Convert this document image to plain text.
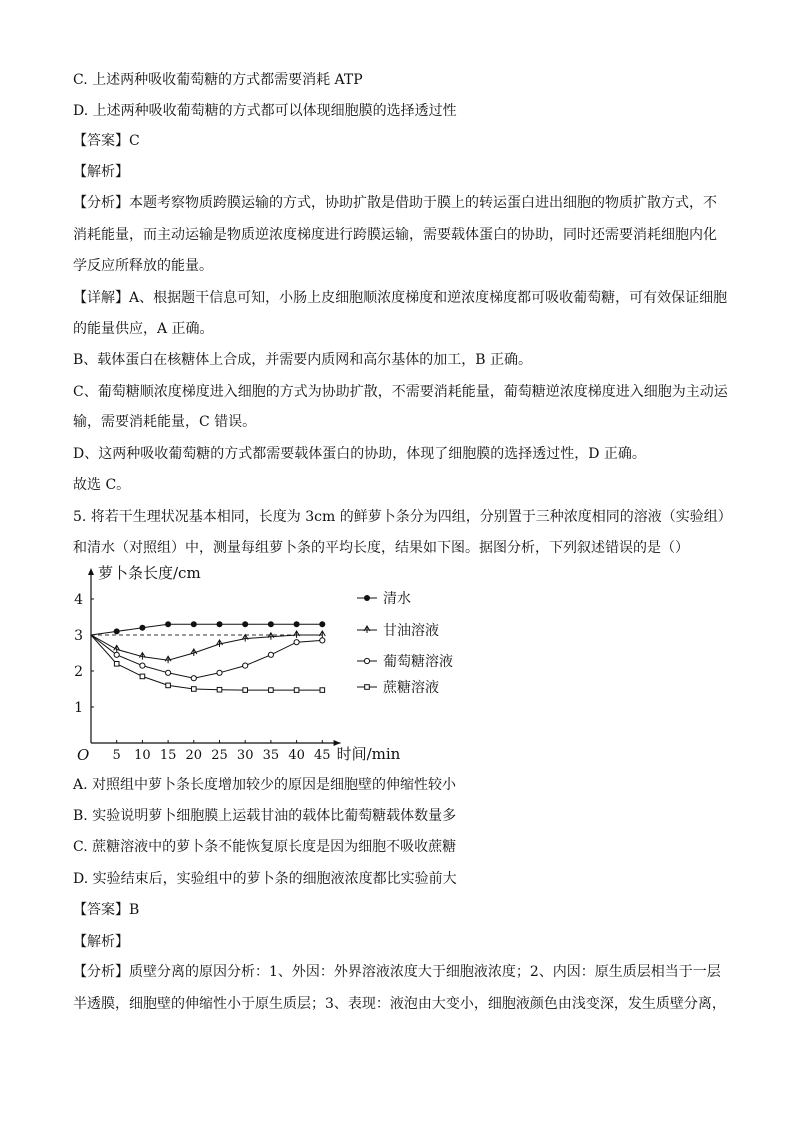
C. 上述两种吸收葡萄糖的方式都需要消耗 ATP
D. 上述两种吸收葡萄糖的方式都可以体现细胞膜的选择透过性
【答案】C
【解析】
【分析】本题考察物质跨膜运输的方式，协助扩散是借助于膜上的转运蛋白进出细胞的物质扩散方式，不
消耗能量，而主动运输是物质逆浓度梯度进行跨膜运输，需要载体蛋白的协助，同时还需要消耗细胞内化
学反应所释放的能量。
【详解】A、根据题干信息可知，小肠上皮细胞顺浓度梯度和逆浓度梯度都可吸收葡萄糖，可有效保证细胞
的能量供应，A 正确。
B、载体蛋白在核糖体上合成，并需要内质网和高尔基体的加工，B 正确。
C、葡萄糖顺浓度梯度进入细胞的方式为协助扩散，不需要消耗能量，葡萄糖逆浓度梯度进入细胞为主动运
输，需要消耗能量，C 错误。
D、这两种吸收葡萄糖的方式都需要载体蛋白的协助，体现了细胞膜的选择透过性，D 正确。
故选 C。
5. 将若干生理状况基本相同，长度为 3cm 的鲜萝卜条分为四组，分别置于三种浓度相同的溶液（实验组）
和清水（对照组）中，测量每组萝卜条的平均长度，结果如下图。据图分析，下列叙述错误的是（）
萝卜条长度/cm
时间/min
O 5 10 15 20 25 30 35 40 45
1
2
3
4	清水
甘油溶液
葡萄糖溶液
蔗糖溶液
A. 对照组中萝卜条长度增加较少的原因是细胞壁的伸缩性较小
B. 实验说明萝卜细胞膜上运载甘油的载体比葡萄糖载体数量多
C. 蔗糖溶液中的萝卜条不能恢复原长度是因为细胞不吸收蔗糖
D. 实验结束后，实验组中的萝卜条的细胞液浓度都比实验前大
【答案】B
【解析】
【分析】质壁分离的原因分析：1、外因：外界溶液浓度大于细胞液浓度；2、内因：原生质层相当于一层
半透膜，细胞壁的伸缩性小于原生质层；3、表现：液泡由大变小，细胞液颜色由浅变深，发生质壁分离，
